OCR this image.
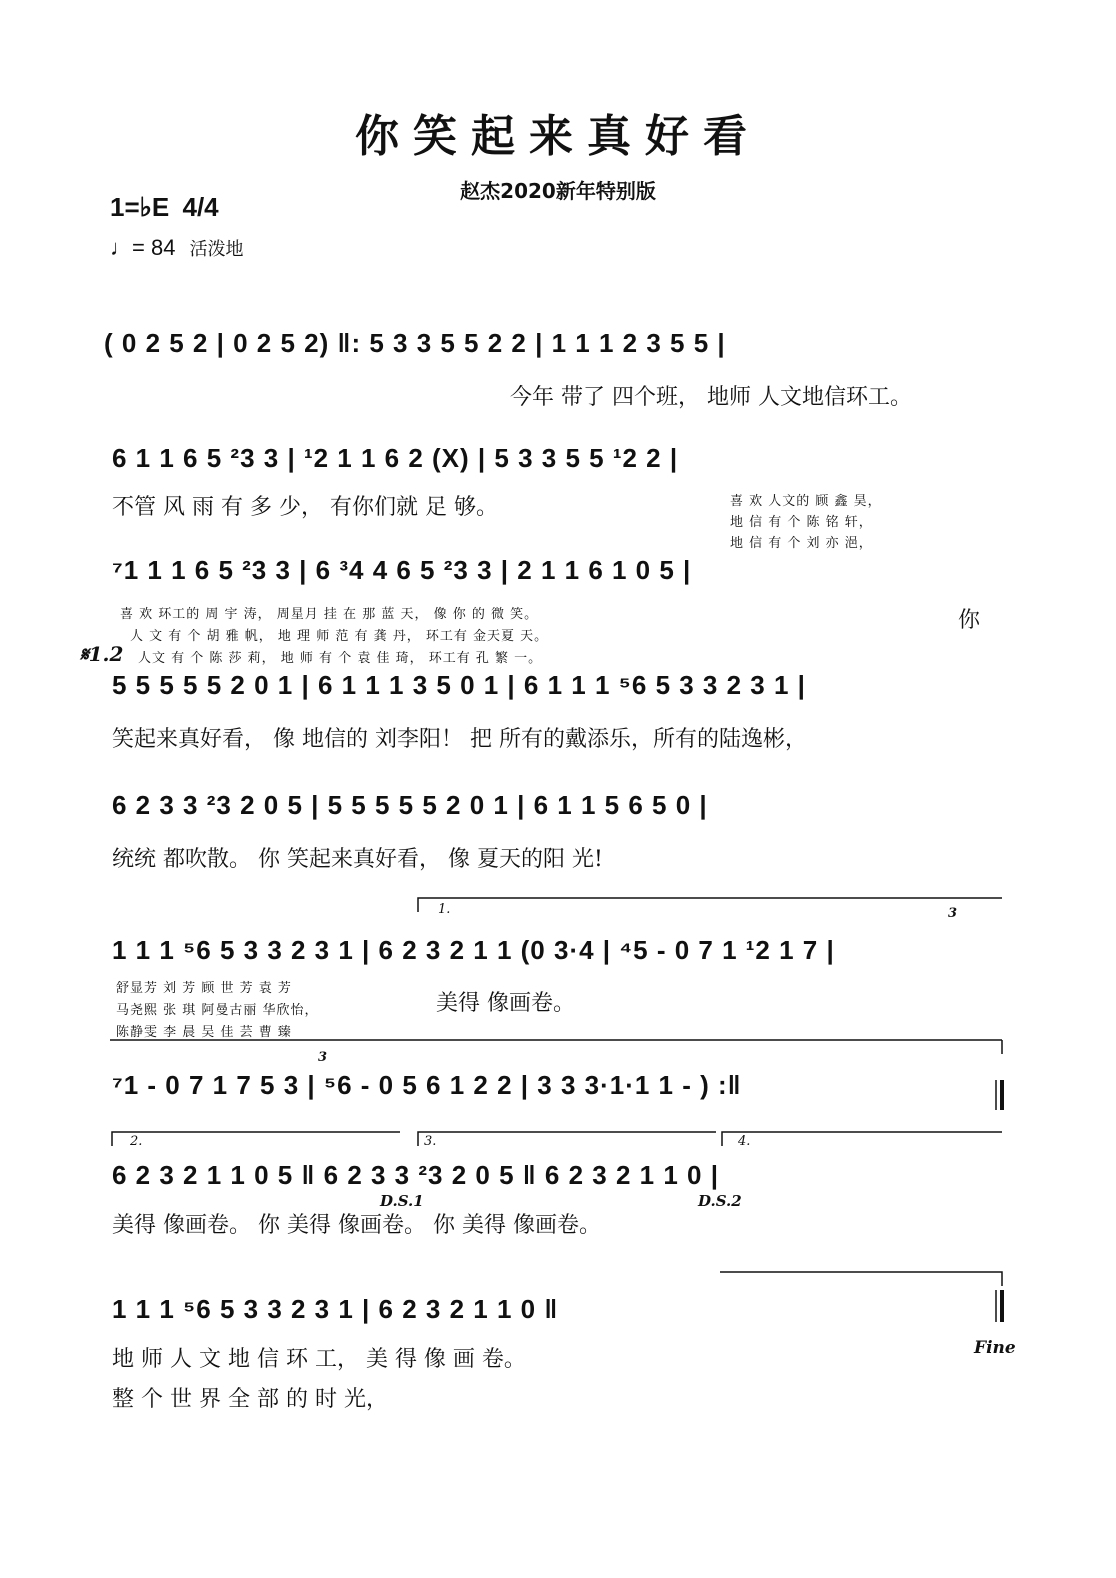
你笑起来真好看
赵杰2020新年特别版
1=♭E 4/4
♩= 84 活泼地
( 0 2 5 2 | 0 2 5 2) ‖: 5 3 3 5 5 2 2 | 1 1 1 2 3 5 5 |
今年 带了 四个班， 地师 人文地信环工。
6 1 1 6 5 ²3 3 | ¹2 1 1 6 2 (X) | 5 3 3 5 5 ¹2 2 |
不管 风 雨 有 多 少， 有你们就 足 够。	喜 欢 人文的 顾 鑫 昊，
地 信 有 个 陈 铭 轩，
地 信 有 个 刘 亦 浥，
⁷1 1 1 6 5 ²3 3 | 6 ³4 4 6 5 ²3 3 | 2 1 1 6 1 0 5 |
喜 欢 环工的 周 宇 涛， 周星月 挂 在 那 蓝 天， 像 你 的 微 笑。
人 文 有 个 胡 雅 帆， 地 理 师 范 有 龚 丹， 环工有 金天夏 天。
人文 有 个 陈 莎 莉， 地 师 有 个 袁 佳 琦， 环工有 孔 繁 一。
你
𝄋1.2
5 5 5 5 5 2 0 1 | 6 1 1 1 3 5 0 1 | 6 1 1 1 ⁵6 5 3 3 2 3 1 |
笑起来真好看， 像 地信的 刘李阳！ 把 所有的戴添乐，所有的陆逸彬，
6 2 3 3 ²3 2 0 5 | 5 5 5 5 5 2 0 1 | 6 1 1 5 6 5 0 |
统统 都吹散。 你 笑起来真好看， 像 夏天的阳 光!
1.	3
1 1 1 ⁵6 5 3 3 2 3 1 | 6 2 3 2 1 1 (0 3·4 | ⁴5 - 0 7 1 ¹2 1 7 |
舒显芳 刘 芳 顾 世 芳 袁 芳
马尧熙 张 琪 阿曼古丽 华欣怡，
陈静雯 李 晨 吴 佳 芸 曹 臻
美得 像画卷。
3
⁷1 - 0 7 1 7 5 3 | ⁵6 - 0 5 6 1 2 2 | 3 3 3·1·1 1 - ) :‖
2.	3.	4.
6 2 3 2 1 1 0 5 ‖ 6 2 3 3 ²3 2 0 5 ‖ 6 2 3 2 1 1 0 |
D.S.1	D.S.2
美得 像画卷。 你 美得 像画卷。 你 美得 像画卷。
1 1 1 ⁵6 5 3 3 2 3 1 | 6 2 3 2 1 1 0 ‖
地 师 人 文 地 信 环 工， 美 得 像 画 卷。
整 个 世 界 全 部 的 时 光，
Fine
